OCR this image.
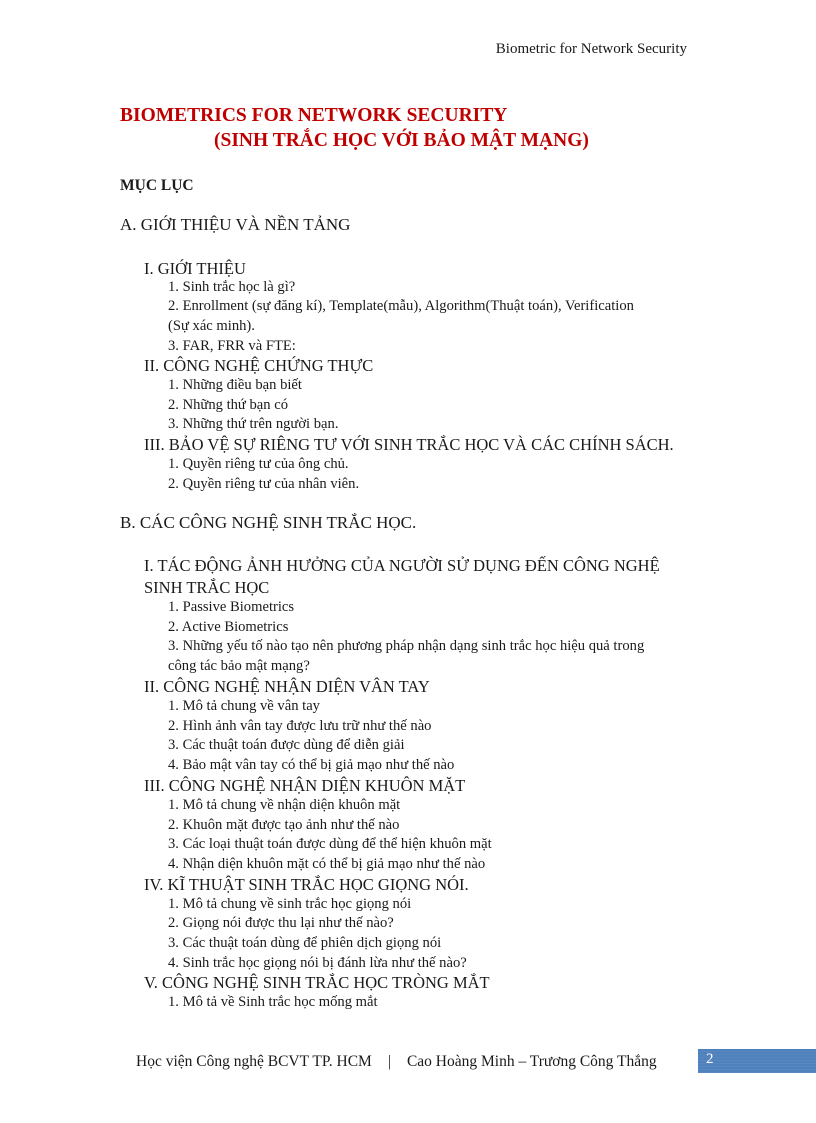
Biometric for Network Security
BIOMETRICS FOR NETWORK SECURITY
(SINH TRẮC HỌC VỚI BẢO MẬT MẠNG)
MỤC LỤC
A. GIỚI THIỆU VÀ NỀN TẢNG
I. GIỚI THIỆU
1. Sinh trắc học là gì?
2. Enrollment (sự đăng kí), Template(mẫu), Algorithm(Thuật toán), Verification
(Sự xác minh).
3. FAR, FRR và FTE:
II. CÔNG NGHỆ CHỨNG THỰC
1. Những điều bạn biết
2. Những thứ bạn có
3. Những thứ trên người bạn.
III. BẢO VỆ SỰ RIÊNG TƯ VỚI SINH TRẮC HỌC VÀ CÁC CHÍNH SÁCH.
1. Quyền riêng tư của ông chủ.
2. Quyền riêng tư của nhân viên.
B. CÁC CÔNG NGHỆ SINH TRẮC HỌC.
I. TÁC ĐỘNG ẢNH HƯỞNG CỦA NGƯỜI SỬ DỤNG ĐẾN CÔNG NGHỆ
SINH TRẮC HỌC
1. Passive Biometrics
2. Active Biometrics
3. Những yếu tố nào tạo nên phương pháp nhận dạng sinh trắc học hiệu quả trong
công tác bảo mật mạng?
II. CÔNG NGHỆ NHẬN DIỆN VÂN TAY
1. Mô tả chung về vân tay
2. Hình ảnh vân tay được lưu trữ như thế nào
3. Các thuật toán được dùng để diễn giải
4. Bảo mật vân tay có thể bị giả mạo như thế nào
III. CÔNG NGHỆ NHẬN DIỆN KHUÔN MẶT
1. Mô tả chung về nhận diện khuôn mặt
2. Khuôn mặt được tạo ảnh như thế nào
3. Các loại thuật toán được dùng để thể hiện khuôn mặt
4. Nhận diện khuôn mặt có thể bị giả mạo như thế nào
IV. KĨ THUẬT SINH TRẮC HỌC GIỌNG NÓI.
1. Mô tả chung về sinh trắc học giọng nói
2. Giọng nói được thu lại như thế nào?
3. Các thuật toán dùng để phiên dịch giọng nói
4. Sinh trắc học giọng nói bị đánh lừa như thế nào?
V. CÔNG NGHỆ SINH TRẮC HỌC TRÒNG MẮT
1. Mô tả về Sinh trắc học mống mắt
Học viện Công nghệ BCVT TP. HCM | Cao Hoàng Minh – Trương Công Thắng	2
